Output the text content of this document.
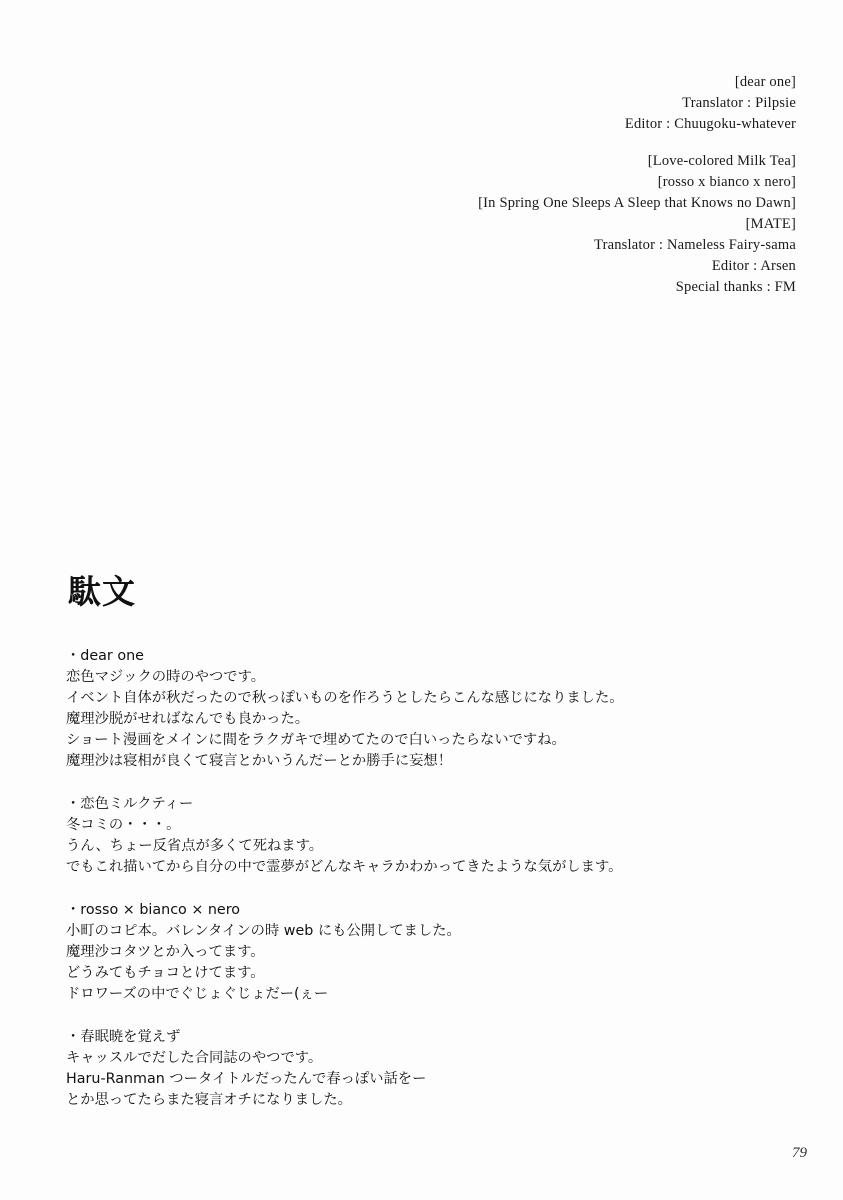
[dear one]
Translator : Pilpsie
Editor : Chuugoku-whatever
[Love-colored Milk Tea]
[rosso x bianco x nero]
[In Spring One Sleeps A Sleep that Knows no Dawn]
[MATE]
Translator : Nameless Fairy-sama
Editor : Arsen
Special thanks : FM
駄文
・dear one
恋色マジックの時のやつです。
イベント自体が秋だったので秋っぽいものを作ろうとしたらこんな感じになりました。
魔理沙脱がせればなんでも良かった。
ショート漫画をメインに間をラクガキで埋めてたので白いったらないですね。
魔理沙は寝相が良くて寝言とかいうんだーとか勝手に妄想！
・恋色ミルクティー
冬コミの・・・。
うん、ちょー反省点が多くて死ねます。
でもこれ描いてから自分の中で霊夢がどんなキャラかわかってきたような気がします。
・rosso × bianco × nero
小町のコピ本。バレンタインの時 web にも公開してました。
魔理沙コタツとか入ってます。
どうみてもチョコとけてます。
ドロワーズの中でぐじょぐじょだー(ぇー
・春眠暁を覚えず
キャッスルでだした合同誌のやつです。
Haru-Ranman つータイトルだったんで春っぽい話をー
とか思ってたらまた寝言オチになりました。
79
